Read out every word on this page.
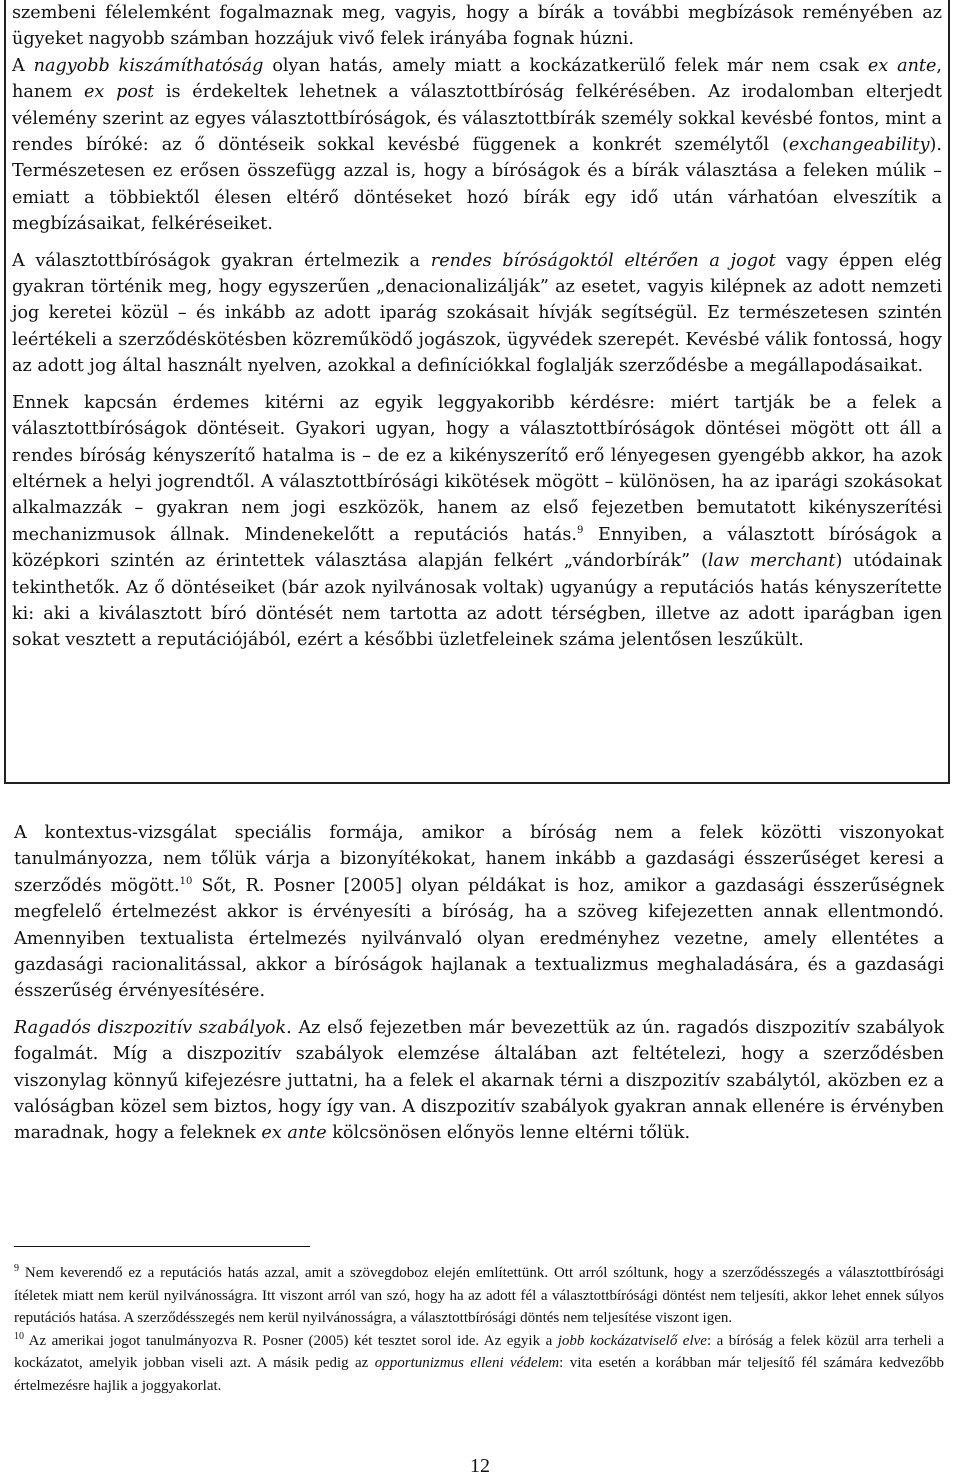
szembeni félelemként fogalmaznak meg, vagyis, hogy a bírák a további megbízások reményében az ügyeket nagyobb számban hozzájuk vivő felek irányába fognak húzni.
A nagyobb kiszámíthatóság olyan hatás, amely miatt a kockázatkerülő felek már nem csak ex ante, hanem ex post is érdekeltek lehetnek a választottbíróság felkérésében. Az irodalomban elterjedt vélemény szerint az egyes választottbíróságok, és választottbírák személy sokkal kevésbé fontos, mint a rendes bíróké: az ő döntéseik sokkal kevésbé függenek a konkrét személytől (exchangeability). Természetesen ez erősen összefügg azzal is, hogy a bíróságok és a bírák választása a feleken múlik – emiatt a többiektől élesen eltérő döntéseket hozó bírák egy idő után várhatóan elveszítik a megbízásaikat, felkéréseiket.

A választottbíróságok gyakran értelmezik a rendes bíróságoktól eltérően a jogot vagy éppen elég gyakran történik meg, hogy egyszerűen „denacionalizálják” az esetet, vagyis kilépnek az adott nemzeti jog keretei közül – és inkább az adott iparág szokásait hívják segítségül. Ez természetesen szintén leértékeli a szerződéskötésben közreműködő jogászok, ügyvédek szerepét. Kevésbé válik fontossá, hogy az adott jog által használt nyelven, azokkal a definíciókkal foglalják szerződésbe a megállapodásaikat.

Ennek kapcsán érdemes kitérni az egyik leggyakoribb kérdésre: miért tartják be a felek a választottbíróságok döntéseit. Gyakori ugyan, hogy a választottbíróságok döntései mögött ott áll a rendes bíróság kényszerítő hatalma is – de ez a kikényszerítő erő lényegesen gyengébb akkor, ha azok eltérnek a helyi jogrendtől. A választottbírósági kikötések mögött – különösen, ha az iparági szokásokat alkalmazzák – gyakran nem jogi eszközök, hanem az első fejezetben bemutatott kikényszerítési mechanizmusok állnak. Mindenekelőtt a reputációs hatás.$^9$ Ennyiben, a választott bíróságok a középkori szintén az érintettek választása alapján felkért „vándorbírák” (law merchant) utódainak tekinthetők. Az ő döntéseiket (bár azok nyilvánosak voltak) ugyanúgy a reputációs hatás kényszerítette ki: aki a kiválasztott bíró döntését nem tartotta az adott térségben, illetve az adott iparágban igen sokat vesztett a reputációjából, ezért a későbbi üzletfeleinek száma jelentősen leszűkült.

A kontextus-vizsgálat speciális formája, amikor a bíróság nem a felek közötti viszonyokat tanulmányozza, nem tőlük várja a bizonyítékokat, hanem inkább a gazdasági ésszerűséget keresi a szerződés mögött.$^{10}$ Sőt, R. Posner [2005] olyan példákat is hoz, amikor a gazdasági ésszerűségnek megfelelő értelmezést akkor is érvényesíti a bíróság, ha a szöveg kifejezetten annak ellentmondó. Amennyiben textualista értelmezés nyilvánvaló olyan eredményhez vezetne, amely ellentétes a gazdasági racionalitással, akkor a bíróságok hajlanak a textualizmus meghaladására, és a gazdasági ésszerűség érvényesítésére.

Ragadós diszpozitív szabályok. Az első fejezetben már bevezettük az ún. ragadós diszpozitív szabályok fogalmát. Míg a diszpozitív szabályok elemzése általában azt feltételezi, hogy a szerződésben viszonylag könnyű kifejezésre juttatni, ha a felek el akarnak térni a diszpozitív szabálytól, aközben ez a valóságban közel sem biztos, hogy így van. A diszpozitív szabályok gyakran annak ellenére is érvényben maradnak, hogy a feleknek ex ante kölcsönösen előnyös lenne eltérni tőlük.

$^9$ Nem keverendő ez a reputációs hatás azzal, amit a szövegdoboz elején említettünk. Ott arról szóltunk, hogy a szerződésszegés a választottbírósági ítéletek miatt nem kerül nyilvánosságra. Itt viszont arról van szó, hogy ha az adott fél a választottbírósági döntést nem teljesíti, akkor lehet ennek súlyos reputációs hatása. A szerződésszegés nem kerül nyilvánosságra, a választottbírósági döntés nem teljesítése viszont igen.

$^{10}$ Az amerikai jogot tanulmányozva R. Posner (2005) két tesztet sorol ide. Az egyik a jobb kockázatviselő elve: a bíróság a felek közül arra terheli a kockázatot, amelyik jobban viseli azt. A másik pedig az opportunizmus elleni védelem: vita esetén a korábban már teljesítő fél számára kedvezőbb értelmezésre hajlik a joggyakorlat.

12
